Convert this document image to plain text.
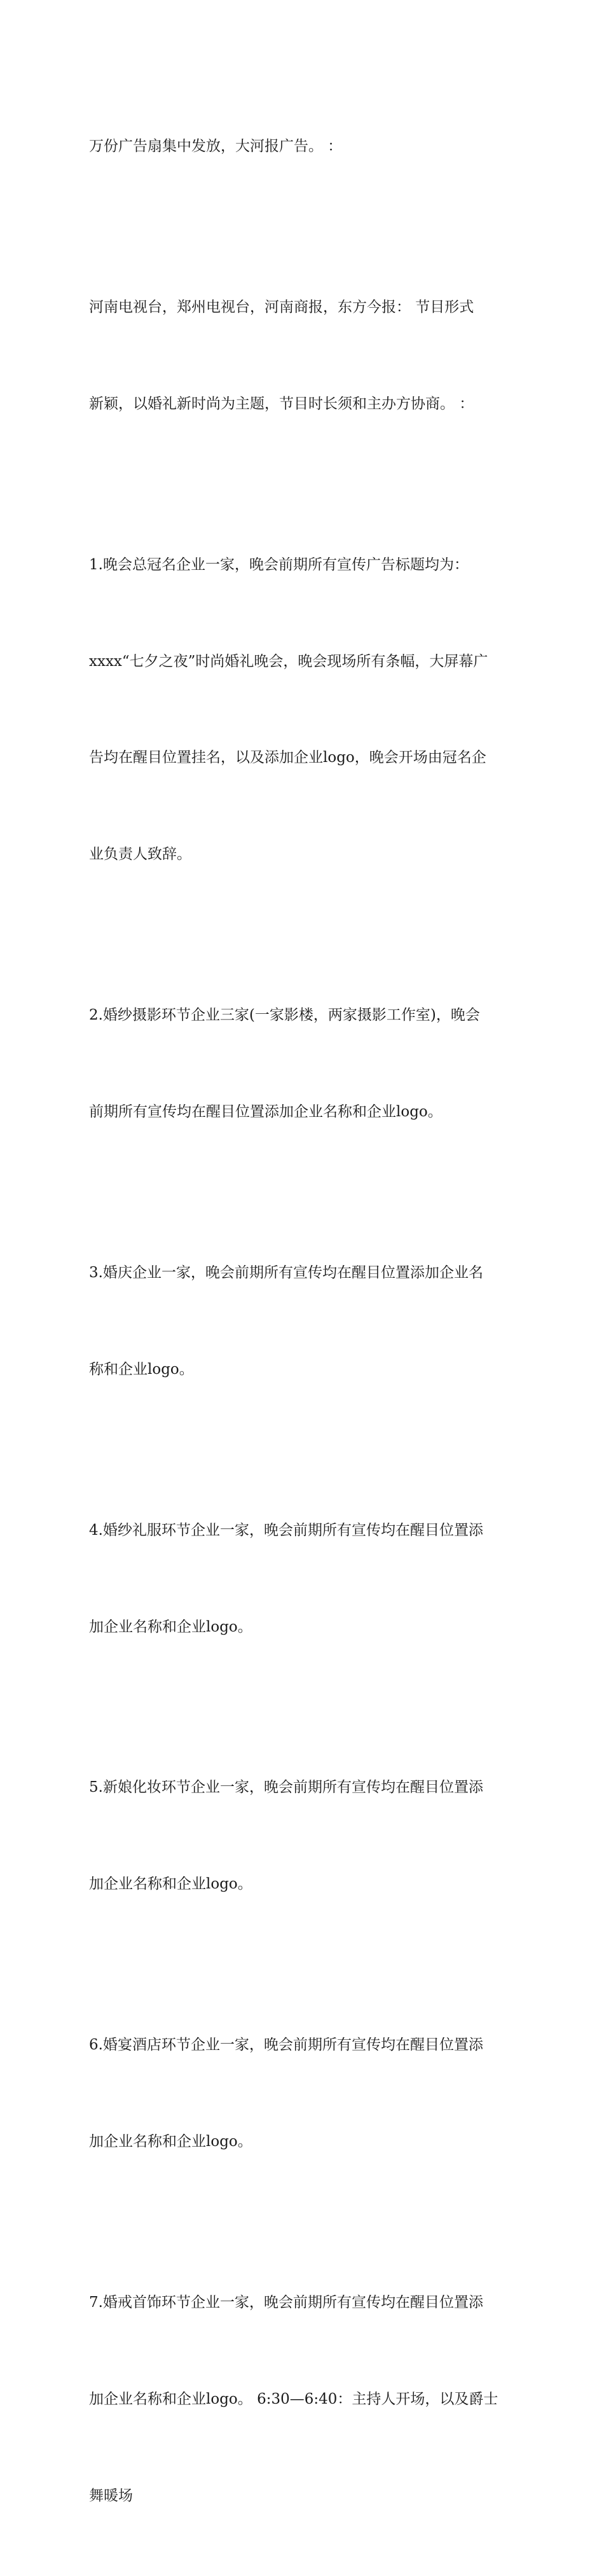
万份广告扇集中发放，大河报广告。 ：

河南电视台，郑州电视台，河南商报，东方今报： 节目形式

新颖，以婚礼新时尚为主题，节目时长须和主办方协商。 ：

1.晚会总冠名企业一家，晚会前期所有宣传广告标题均为：

xxxx“七夕之夜”时尚婚礼晚会，晚会现场所有条幅，大屏幕广

告均在醒目位置挂名，以及添加企业logo，晚会开场由冠名企

业负责人致辞。

2.婚纱摄影环节企业三家(一家影楼，两家摄影工作室)，晚会

前期所有宣传均在醒目位置添加企业名称和企业logo。

3.婚庆企业一家，晚会前期所有宣传均在醒目位置添加企业名

称和企业logo。

4.婚纱礼服环节企业一家，晚会前期所有宣传均在醒目位置添

加企业名称和企业logo。

5.新娘化妆环节企业一家，晚会前期所有宣传均在醒目位置添

加企业名称和企业logo。

6.婚宴酒店环节企业一家，晚会前期所有宣传均在醒目位置添

加企业名称和企业logo。

7.婚戒首饰环节企业一家，晚会前期所有宣传均在醒目位置添

加企业名称和企业logo。 6:30—6:40：主持人开场，以及爵士

舞暖场
